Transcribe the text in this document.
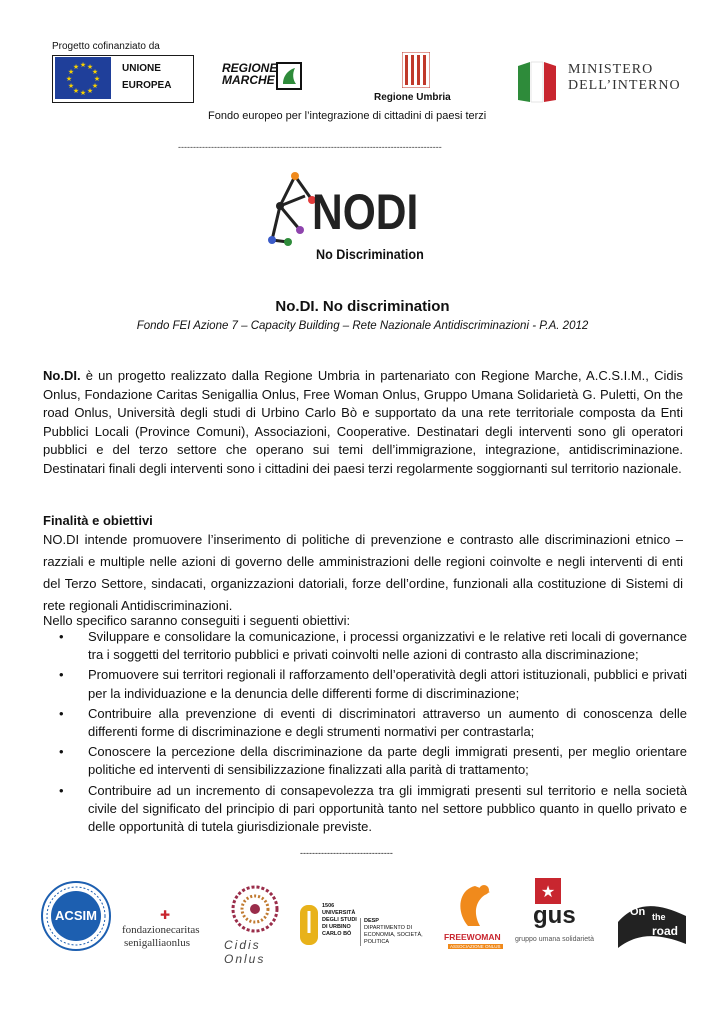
Progetto cofinanziato da
★ ★
★
★
★
★
★
★
★
★
★
★	UNIONE
EUROPEA
REGIONE
MARCHE
Regione Umbria
MINISTERO
DELL’INTERNO
Fondo europeo per l’integrazione di cittadini di paesi terzi
----------------------------------------------------------------------------------------
NODI
No Discrimination
No.DI. No discrimination
Fondo FEI Azione 7 – Capacity Building – Rete Nazionale Antidiscriminazioni - P.A. 2012
No.DI. è un progetto realizzato dalla Regione Umbria in partenariato con Regione Marche, A.C.S.I.M., Cidis Onlus, Fondazione Caritas Senigallia Onlus, Free Woman Onlus, Gruppo Umana Solidarietà G. Puletti, On the road Onlus, Università degli studi di Urbino Carlo Bò e supportato da una rete territoriale composta da Enti Pubblici Locali (Province Comuni), Associazioni, Cooperative. Destinatari degli interventi sono gli operatori pubblici e del terzo settore che operano sui temi dell’immigrazione, integrazione, antidiscriminazione. Destinatari finali degli interventi sono i cittadini dei paesi terzi regolarmente soggiornanti sul territorio nazionale.
Finalità e obiettivi
NO.DI intende promuovere l’inserimento di politiche di prevenzione e contrasto alle discriminazioni etnico – razziali e multiple nelle azioni di governo delle amministrazioni delle regioni coinvolte e negli interventi di enti del Terzo Settore, sindacati, organizzazioni datoriali, forze dell’ordine, funzionali alla costituzione di Sistemi di rete regionali Antidiscriminazioni.
Nello specifico saranno conseguiti i seguenti obiettivi:
• Sviluppare e consolidare la comunicazione, i processi organizzativi e le relative reti locali di governance tra i soggetti del territorio pubblici e privati coinvolti nelle azioni di contrasto alla discriminazione;
• Promuovere sui territori regionali il rafforzamento dell’operatività degli attori istituzionali, pubblici e privati per la individuazione e la denuncia delle differenti forme di discriminazione;
• Contribuire alla prevenzione di eventi di discriminatori attraverso un aumento di conoscenza delle differenti forme di discriminazione e degli strumenti normativi per contrastarla;
• Conoscere la percezione della discriminazione da parte degli immigrati presenti, per meglio orientare politiche ed interventi di sensibilizzazione finalizzati alla parità di trattamento;
• Contribuire ad un incremento di consapevolezza tra gli immigrati presenti sul territorio e nella società civile del significato del principio di pari opportunità tanto nel settore pubblico quanto in quello privato e delle opportunità di tutela giurisdizionale previste.
-------------------------------
ACSIM	✚
fondazionecaritas
senigalliaonlus	Cidis Onlus
1506
UNIVERSITÀ
DEGLI STUDI
DI URBINO
CARLO BÒ
DESP
DIPARTIMENTO DI
ECONOMIA, SOCIETÀ, POLITICA	FREEWOMAN
ASSOCIAZIONE ONLUS
★
gus
gruppo umana solidarietà
On the
road
